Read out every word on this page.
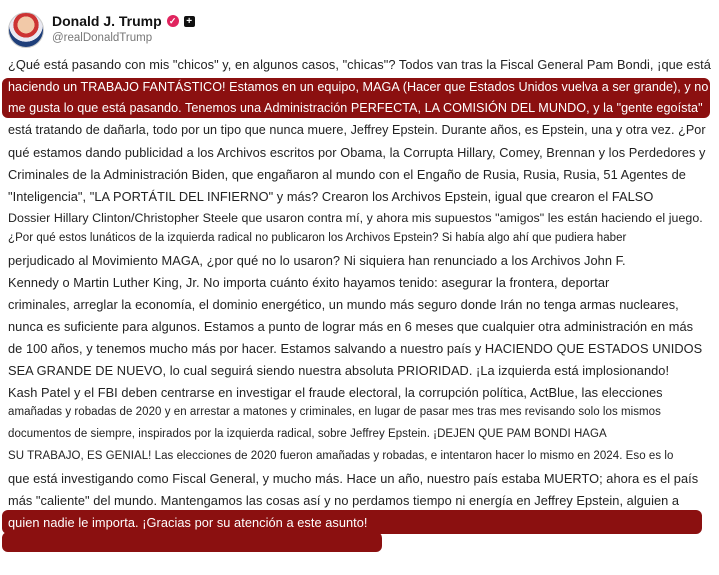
Donald J. Trump ✓ +
@realDonaldTrump
¿Qué está pasando con mis "chicos" y, en algunos casos, "chicas"? Todos van tras la Fiscal General Pam Bondi, ¡que está
haciendo un TRABAJO FANTÁSTICO! Estamos en un equipo, MAGA (Hacer que Estados Unidos vuelva a ser grande), y no
me gusta lo que está pasando. Tenemos una Administración PERFECTA, LA COMISIÓN DEL MUNDO, y la "gente egoísta"
está tratando de dañarla, todo por un tipo que nunca muere, Jeffrey Epstein. Durante años, es Epstein, una y otra vez. ¿Por
qué estamos dando publicidad a los Archivos escritos por Obama, la Corrupta Hillary, Comey, Brennan y los Perdedores y
Criminales de la Administración Biden, que engañaron al mundo con el Engaño de Rusia, Rusia, Rusia, 51 Agentes de
"Inteligencia", "LA PORTÁTIL DEL INFIERNO" y más? Crearon los Archivos Epstein, igual que crearon el FALSO
Dossier Hillary Clinton/Christopher Steele que usaron contra mí, y ahora mis supuestos "amigos" les están haciendo el juego.
¿Por qué estos lunáticos de la izquierda radical no publicaron los Archivos Epstein? Si había algo ahí que pudiera haber
perjudicado al Movimiento MAGA, ¿por qué no lo usaron? Ni siquiera han renunciado a los Archivos John F.
Kennedy o Martin Luther King, Jr. No importa cuánto éxito hayamos tenido: asegurar la frontera, deportar
criminales, arreglar la economía, el dominio energético, un mundo más seguro donde Irán no tenga armas nucleares,
nunca es suficiente para algunos. Estamos a punto de lograr más en 6 meses que cualquier otra administración en más
de 100 años, y tenemos mucho más por hacer. Estamos salvando a nuestro país y HACIENDO QUE ESTADOS UNIDOS
SEA GRANDE DE NUEVO, lo cual seguirá siendo nuestra absoluta PRIORIDAD. ¡La izquierda está implosionando!
Kash Patel y el FBI deben centrarse en investigar el fraude electoral, la corrupción política, ActBlue, las elecciones
amañadas y robadas de 2020 y en arrestar a matones y criminales, en lugar de pasar mes tras mes revisando solo los mismos
documentos de siempre, inspirados por la izquierda radical, sobre Jeffrey Epstein. ¡DEJEN QUE PAM BONDI HAGA
SU TRABAJO, ES GENIAL! Las elecciones de 2020 fueron amañadas y robadas, e intentaron hacer lo mismo en 2024. Eso es lo
que está investigando como Fiscal General, y mucho más. Hace un año, nuestro país estaba MUERTO; ahora es el país
más "caliente" del mundo. Mantengamos las cosas así y no perdamos tiempo ni energía en Jeffrey Epstein, alguien a
quien nadie le importa. ¡Gracias por su atención a este asunto!
